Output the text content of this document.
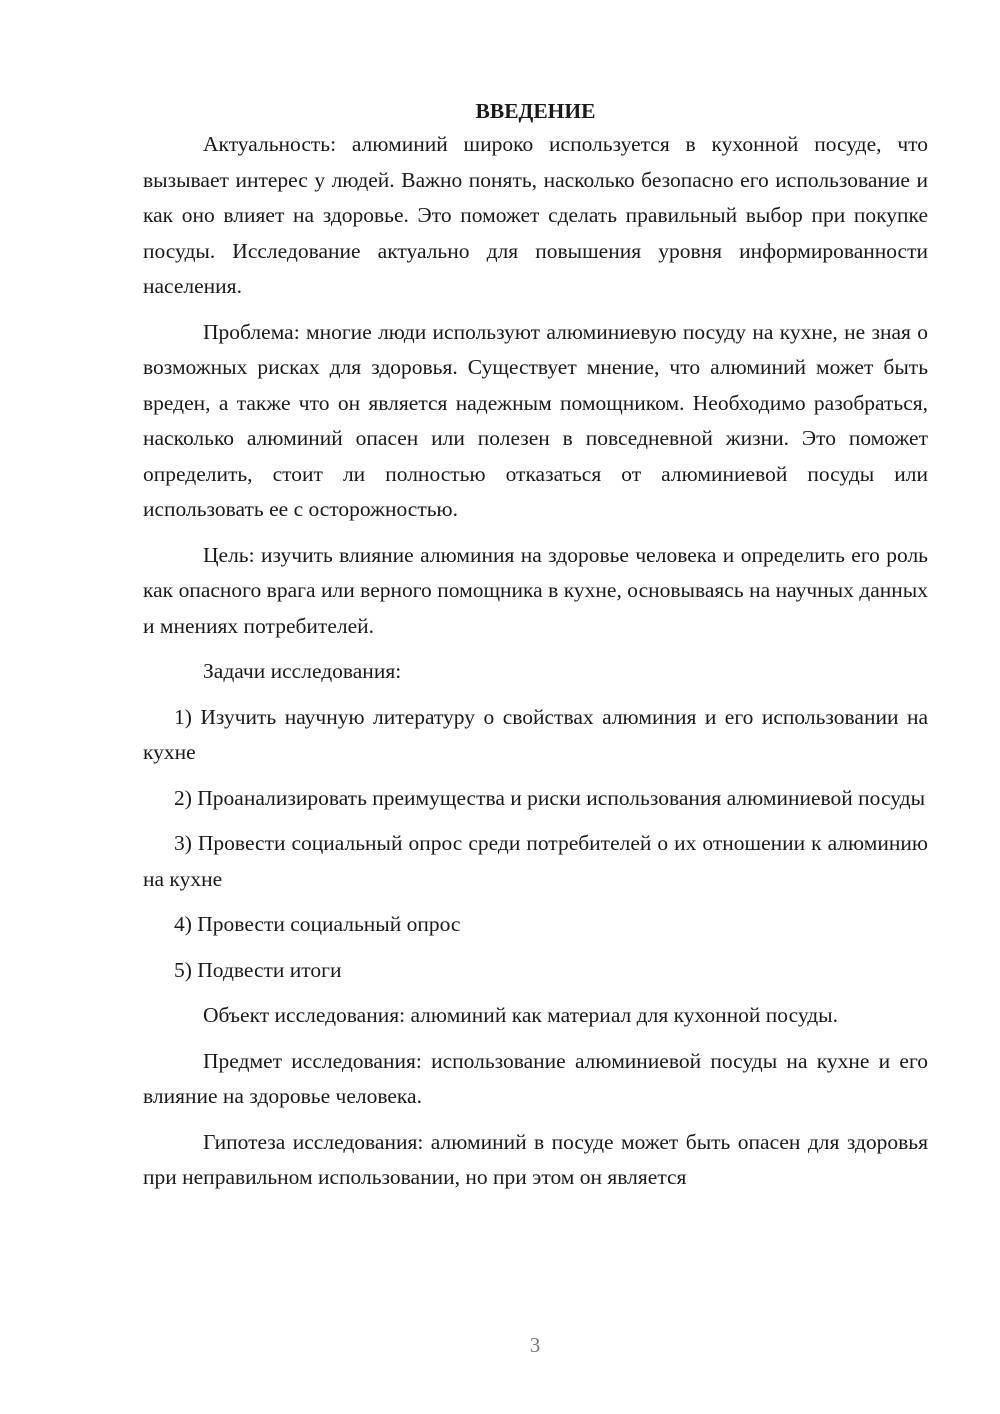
ВВЕДЕНИЕ

Актуальность: алюминий широко используется в кухонной посуде, что вызывает интерес у людей. Важно понять, насколько безопасно его использование и как оно влияет на здоровье. Это поможет сделать правильный выбор при покупке посуды. Исследование актуально для повышения уровня информированности населения.

Проблема: многие люди используют алюминиевую посуду на кухне, не зная о возможных рисках для здоровья. Существует мнение, что алюминий может быть вреден, а также что он является надежным помощником. Необходимо разобраться, насколько алюминий опасен или полезен в повседневной жизни. Это поможет определить, стоит ли полностью отказаться от алюминиевой посуды или использовать ее с осторожностью.

Цель: изучить влияние алюминия на здоровье человека и определить его роль как опасного врага или верного помощника в кухне, основываясь на научных данных и мнениях потребителей.

Задачи исследования:

1) Изучить научную литературу о свойствах алюминия и его использовании на кухне

2) Проанализировать преимущества и риски использования алюминиевой посуды

3) Провести социальный опрос среди потребителей о их отношении к алюминию на кухне

4) Провести социальный опрос

5) Подвести итоги

Объект исследования: алюминий как материал для кухонной посуды.

Предмет исследования: использование алюминиевой посуды на кухне и его влияние на здоровье человека.

Гипотеза исследования: алюминий в посуде может быть опасен для здоровья при неправильном использовании, но при этом он является

3
